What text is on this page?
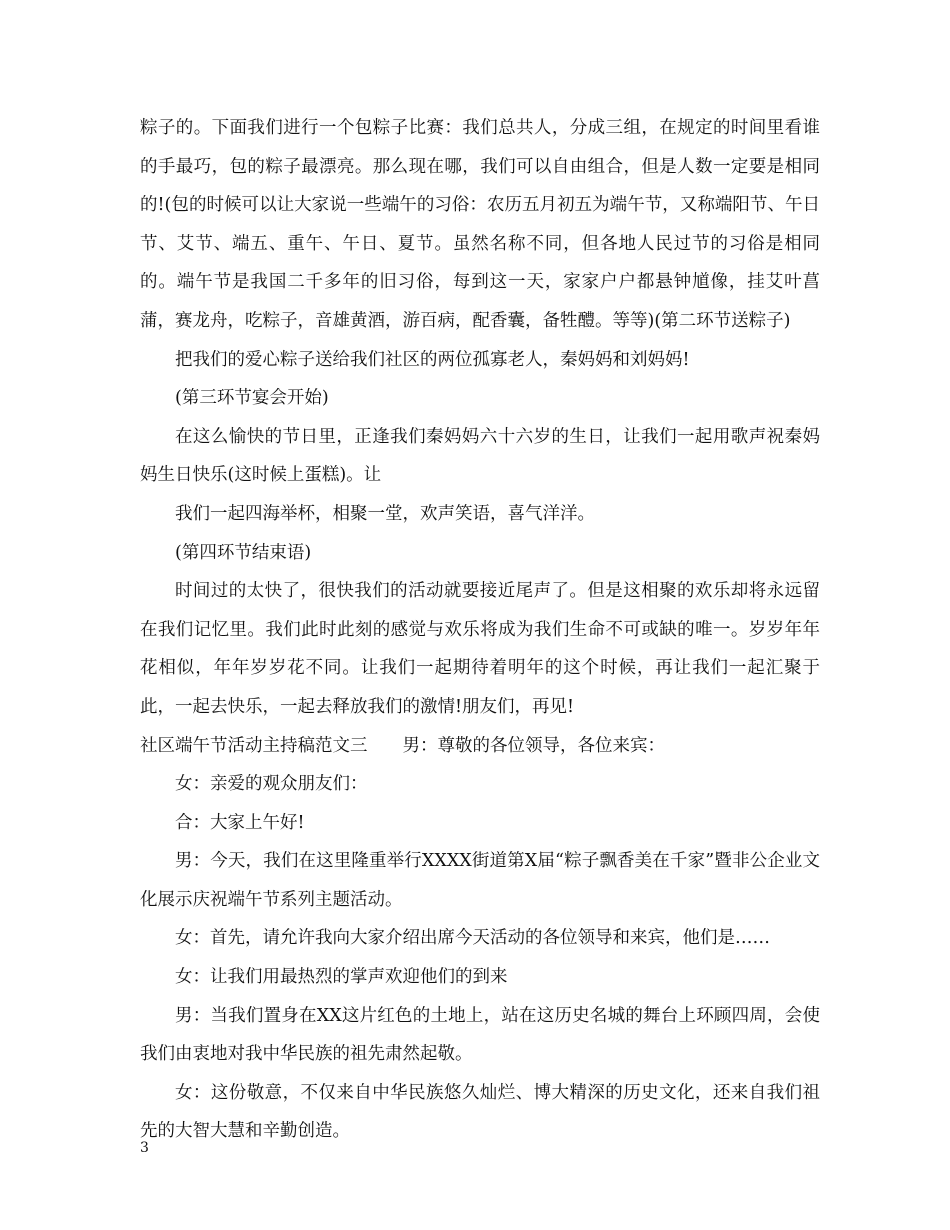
粽子的。下面我们进行一个包粽子比赛：我们总共人，分成三组，在规定的时间里看谁的手最巧，包的粽子最漂亮。那么现在哪，我们可以自由组合，但是人数一定要是相同的!(包的时候可以让大家说一些端午的习俗：农历五月初五为端午节，又称端阳节、午日节、艾节、端五、重午、午日、夏节。虽然名称不同，但各地人民过节的习俗是相同的。端午节是我国二千多年的旧习俗，每到这一天，家家户户都悬钟馗像，挂艾叶菖蒲，赛龙舟，吃粽子，音雄黄酒，游百病，配香囊，备牲醴。等等)(第二环节送粽子)

把我们的爱心粽子送给我们社区的两位孤寡老人，秦妈妈和刘妈妈!

(第三环节宴会开始)

在这么愉快的节日里，正逢我们秦妈妈六十六岁的生日，让我们一起用歌声祝秦妈妈生日快乐(这时候上蛋糕)。让

我们一起四海举杯，相聚一堂，欢声笑语，喜气洋洋。

(第四环节结束语)

时间过的太快了，很快我们的活动就要接近尾声了。但是这相聚的欢乐却将永远留在我们记忆里。我们此时此刻的感觉与欢乐将成为我们生命不可或缺的唯一。岁岁年年花相似，年年岁岁花不同。让我们一起期待着明年的这个时候，再让我们一起汇聚于此，一起去快乐，一起去释放我们的激情!朋友们，再见!

社区端午节活动主持稿范文三　　男：尊敬的各位领导，各位来宾：

女：亲爱的观众朋友们：

合：大家上午好!

男：今天，我们在这里隆重举行XXXX街道第X届“粽子飘香美在千家”暨非公企业文化展示庆祝端午节系列主题活动。

女：首先，请允许我向大家介绍出席今天活动的各位领导和来宾，他们是……

女：让我们用最热烈的掌声欢迎他们的到来

男：当我们置身在XX这片红色的土地上，站在这历史名城的舞台上环顾四周，会使我们由衷地对我中华民族的祖先肃然起敬。

女：这份敬意，不仅来自中华民族悠久灿烂、博大精深的历史文化，还来自我们祖先的大智大慧和辛勤创造。

3
